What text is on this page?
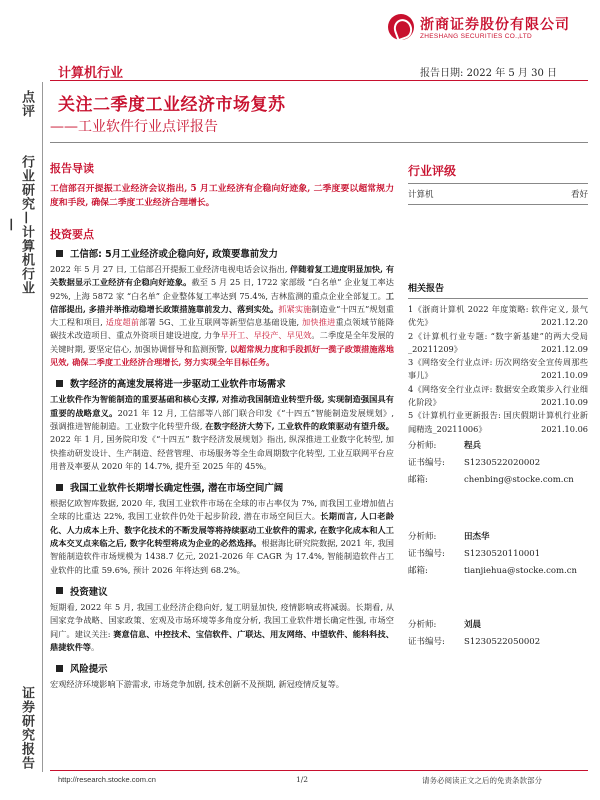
浙商证券股份有限公司
ZHESHANG SECURITIES CO.,LTD
计算机行业	报告日期: 2022 年 5 月 30 日
关注二季度工业经济市场复苏
——工业软件行业点评报告
点评
行业研究—计算机行业—
证券研究报告
报告导读
工信部召开提振工业经济会议指出, 5 月工业经济有企稳向好迹象, 二季度要以超常规力度和手段, 确保二季度工业经济合理增长。
投资要点
工信部: 5月工业经济或企稳向好, 政策要靠前发力
2022 年 5 月 27 日, 工信部召开提振工业经济电视电话会议指出, 伴随着复工进度明显加快, 有关数据显示工业经济有企稳向好迹象。截至 5 月 25 日, 1722 家部级 “白名单” 企业复工率达 92%, 上海 5872 家 “白名单” 企业整体复工率达到 75.4%, 吉林监测的重点企业全部复工。工信部提出, 多措并举推动稳增长政策措施靠前发力、落到实处。抓紧实施制造业“十四五”规划重大工程和项目, 适度超前部署 5G、工业互联网等新型信息基础设施, 加快推进重点领域节能降碳技术改造项目、重点外资项目建设进度, 力争早开工、早投产、早见效。二季度是全年发展的关键时期, 要坚定信心, 加强协调督导和监测预警, 以超常规力度和手段抓好一揽子政策措施落地见效, 确保二季度工业经济合理增长, 努力实现全年目标任务。
数字经济的高速发展将进一步驱动工业软件市场需求
工业软件作为智能制造的重要基础和核心支撑, 对推动我国制造业转型升级, 实现制造强国具有重要的战略意义。2021 年 12 月, 工信部等八部门联合印发《“十四五”智能制造发展规划》, 强调推进智能制造。工业数字化转型升级, 在数字经济大势下, 工业软件的政策驱动有望升级。2022 年 1 月, 国务院印发《“十四五” 数字经济发展规划》指出, 纵深推进工业数字化转型, 加快推动研发设计、生产制造、经营管理、市场服务等全生命周期数字化转型, 工业互联网平台应用普及率要从 2020 年的 14.7%, 提升至 2025 年的 45%。
我国工业软件长期增长确定性强, 潜在市场空间广阔
根据亿欧智库数据, 2020 年, 我国工业软件市场在全球的市占率仅为 7%, 而我国工业增加值占全球的比重达 22%, 我国工业软件仍处于起步阶段, 潜在市场空间巨大。长期而言, 人口老龄化、人力成本上升、数字化技术的不断发展等将持续驱动工业软件的需求, 在数字化成本和人工成本交叉点来临之后, 数字化转型将成为企业的必然选择。根据海比研究院数据, 2021 年, 我国智能制造软件市场规模为 1438.7 亿元, 2021-2026 年 CAGR 为 17.4%, 智能制造软件占工业软件的比重 59.6%, 预计 2026 年将达到 68.2%。
投资建议
短期看, 2022 年 5 月, 我国工业经济企稳向好, 复工明显加快, 疫情影响或将减弱。长期看, 从国家竞争战略、国家政策、宏观及市场环境等多角度分析, 我国工业软件增长确定性强, 市场空间广。建议关注: 赛意信息、中控技术、宝信软件、广联达、用友网络、中望软件、能科科技、鼎捷软件等。
风险提示
宏观经济环境影响下游需求, 市场竞争加剧, 技术创新不及预期, 新冠疫情反复等。
行业评级
计算机	看好
相关报告
1《浙商计算机 2022 年度策略: 软件定义, 景气优先》	2021.12.20
2《计算机行业专题: “数字新基建”的两大受局_20211209》	2021.12.09
3《网络安全行业点评: 历次网络安全宣传周那些事儿》	2021.10.09
4《网络安全行业点评: 数据安全政策步入行业细化阶段》	2021.10.09
5《计算机行业更新报告: 国庆假期计算机行业新闻精选_20211006》	2021.10.06
分析师:	程兵
证书编号:	S1230522020002
邮箱:	chenbing@stocke.com.cn
分析师:	田杰华
证书编号:	S1230520110001
邮箱:	tianjiehua@stocke.com.cn
分析师:	刘晨
证书编号:	S1230522050002
http://research.stocke.com.cn	1/2	请务必阅读正文之后的免责条款部分
